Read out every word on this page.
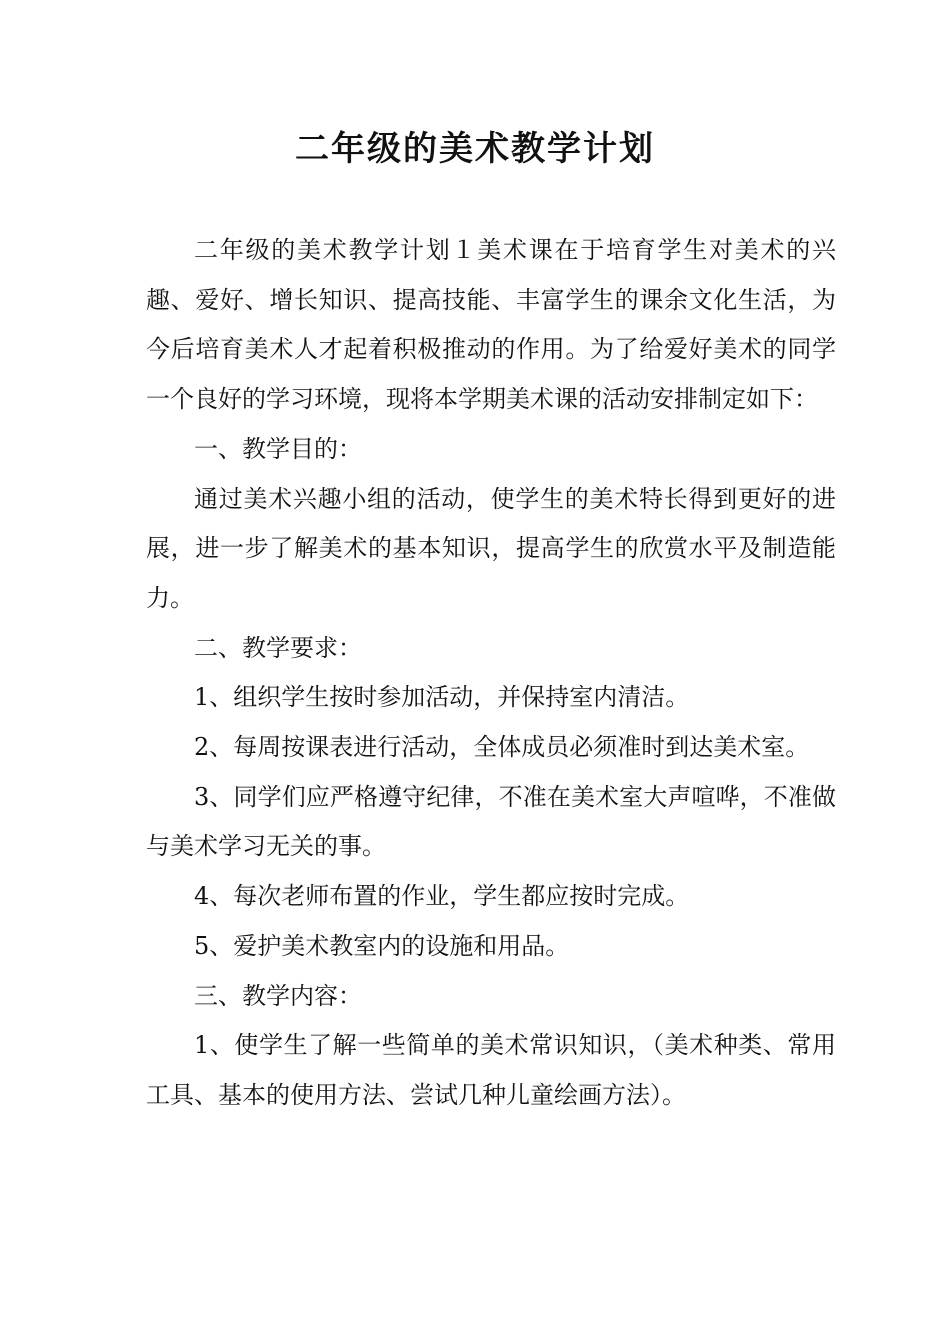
二年级的美术教学计划

二年级的美术教学计划１美术课在于培育学生对美术的兴趣、爱好、增长知识、提高技能、丰富学生的课余文化生活，为今后培育美术人才起着积极推动的作用。为了给爱好美术的同学一个良好的学习环境，现将本学期美术课的活动安排制定如下：

一、教学目的：

通过美术兴趣小组的活动，使学生的美术特长得到更好的进展，进一步了解美术的基本知识，提高学生的欣赏水平及制造能力。

二、教学要求：

1、组织学生按时参加活动，并保持室内清洁。

2、每周按课表进行活动，全体成员必须准时到达美术室。

3、同学们应严格遵守纪律，不准在美术室大声喧哗，不准做与美术学习无关的事。

4、每次老师布置的作业，学生都应按时完成。

5、爱护美术教室内的设施和用品。

三、教学内容：

1、使学生了解一些简单的美术常识知识，（美术种类、常用工具、基本的使用方法、尝试几种儿童绘画方法）。
